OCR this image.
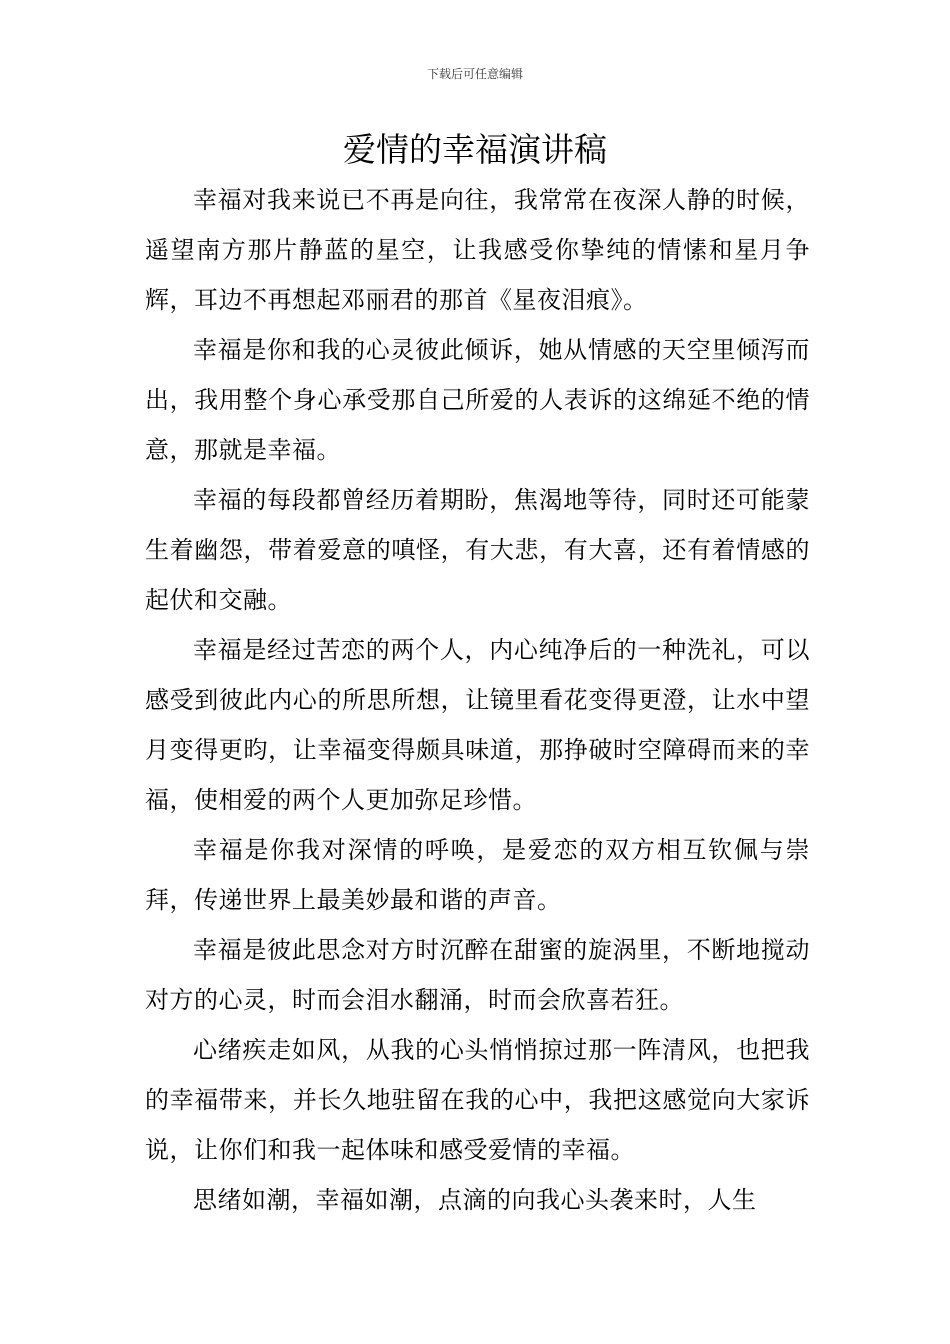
下载后可任意编辑
爱情的幸福演讲稿

幸福对我来说已不再是向往，我常常在夜深人静的时候，遥望南方那片静蓝的星空，让我感受你挚纯的情愫和星月争辉，耳边不再想起邓丽君的那首《星夜泪痕》。

幸福是你和我的心灵彼此倾诉，她从情感的天空里倾泻而出，我用整个身心承受那自己所爱的人表诉的这绵延不绝的情意，那就是幸福。

幸福的每段都曾经历着期盼，焦渴地等待，同时还可能蒙生着幽怨，带着爱意的嗔怪，有大悲，有大喜，还有着情感的起伏和交融。

幸福是经过苦恋的两个人，内心纯净后的一种洗礼，可以感受到彼此内心的所思所想，让镜里看花变得更澄，让水中望月变得更昀，让幸福变得颇具味道，那挣破时空障碍而来的幸福，使相爱的两个人更加弥足珍惜。

幸福是你我对深情的呼唤，是爱恋的双方相互钦佩与崇拜，传递世界上最美妙最和谐的声音。

幸福是彼此思念对方时沉醉在甜蜜的旋涡里，不断地搅动对方的心灵，时而会泪水翻涌，时而会欣喜若狂。

心绪疾走如风，从我的心头悄悄掠过那一阵清风，也把我的幸福带来，并长久地驻留在我的心中，我把这感觉向大家诉说，让你们和我一起体味和感受爱情的幸福。

思绪如潮，幸福如潮，点滴的向我心头袭来时，人生
